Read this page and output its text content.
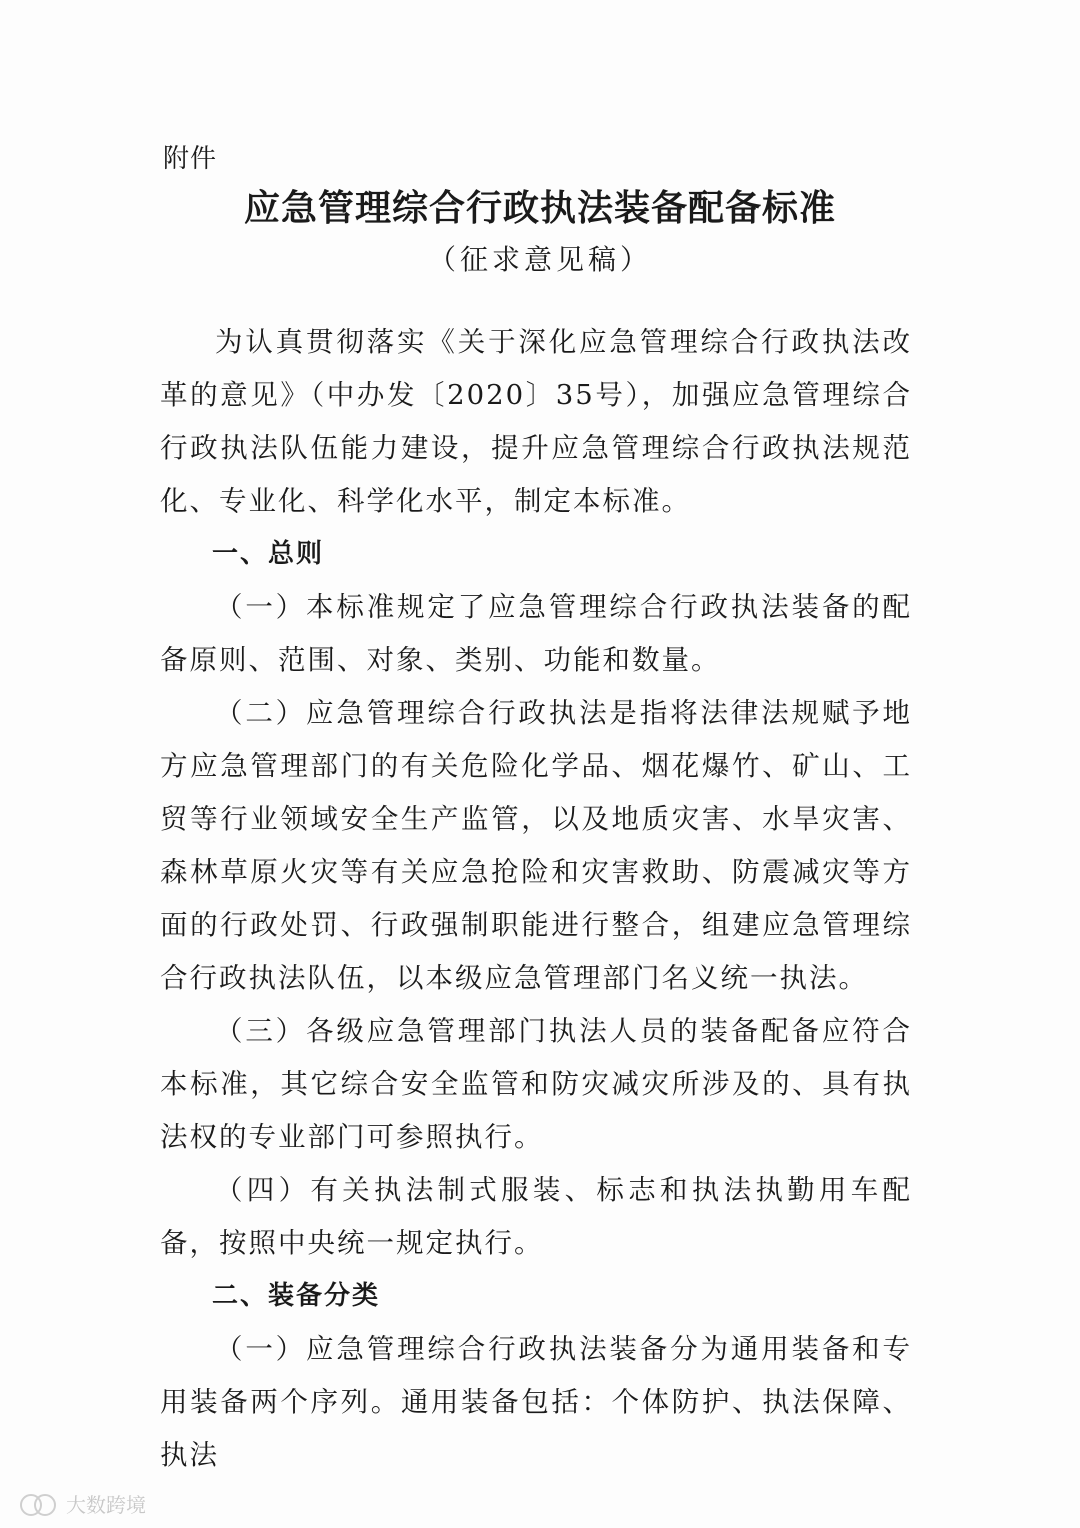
附件
应急管理综合行政执法装备配备标准
（征求意见稿）

为认真贯彻落实《关于深化应急管理综合行政执法改革的意见》（中办发〔2020〕35号），加强应急管理综合行政执法队伍能力建设，提升应急管理综合行政执法规范化、专业化、科学化水平，制定本标准。

一、总则

（一）本标准规定了应急管理综合行政执法装备的配备原则、范围、对象、类别、功能和数量。

（二）应急管理综合行政执法是指将法律法规赋予地方应急管理部门的有关危险化学品、烟花爆竹、矿山、工贸等行业领域安全生产监管，以及地质灾害、水旱灾害、森林草原火灾等有关应急抢险和灾害救助、防震减灾等方面的行政处罚、行政强制职能进行整合，组建应急管理综合行政执法队伍，以本级应急管理部门名义统一执法。

（三）各级应急管理部门执法人员的装备配备应符合本标准，其它综合安全监管和防灾减灾所涉及的、具有执法权的专业部门可参照执行。

（四）有关执法制式服装、标志和执法执勤用车配备，按照中央统一规定执行。

二、装备分类

（一）应急管理综合行政执法装备分为通用装备和专用装备两个序列。通用装备包括：个体防护、执法保障、执法

大数跨境
